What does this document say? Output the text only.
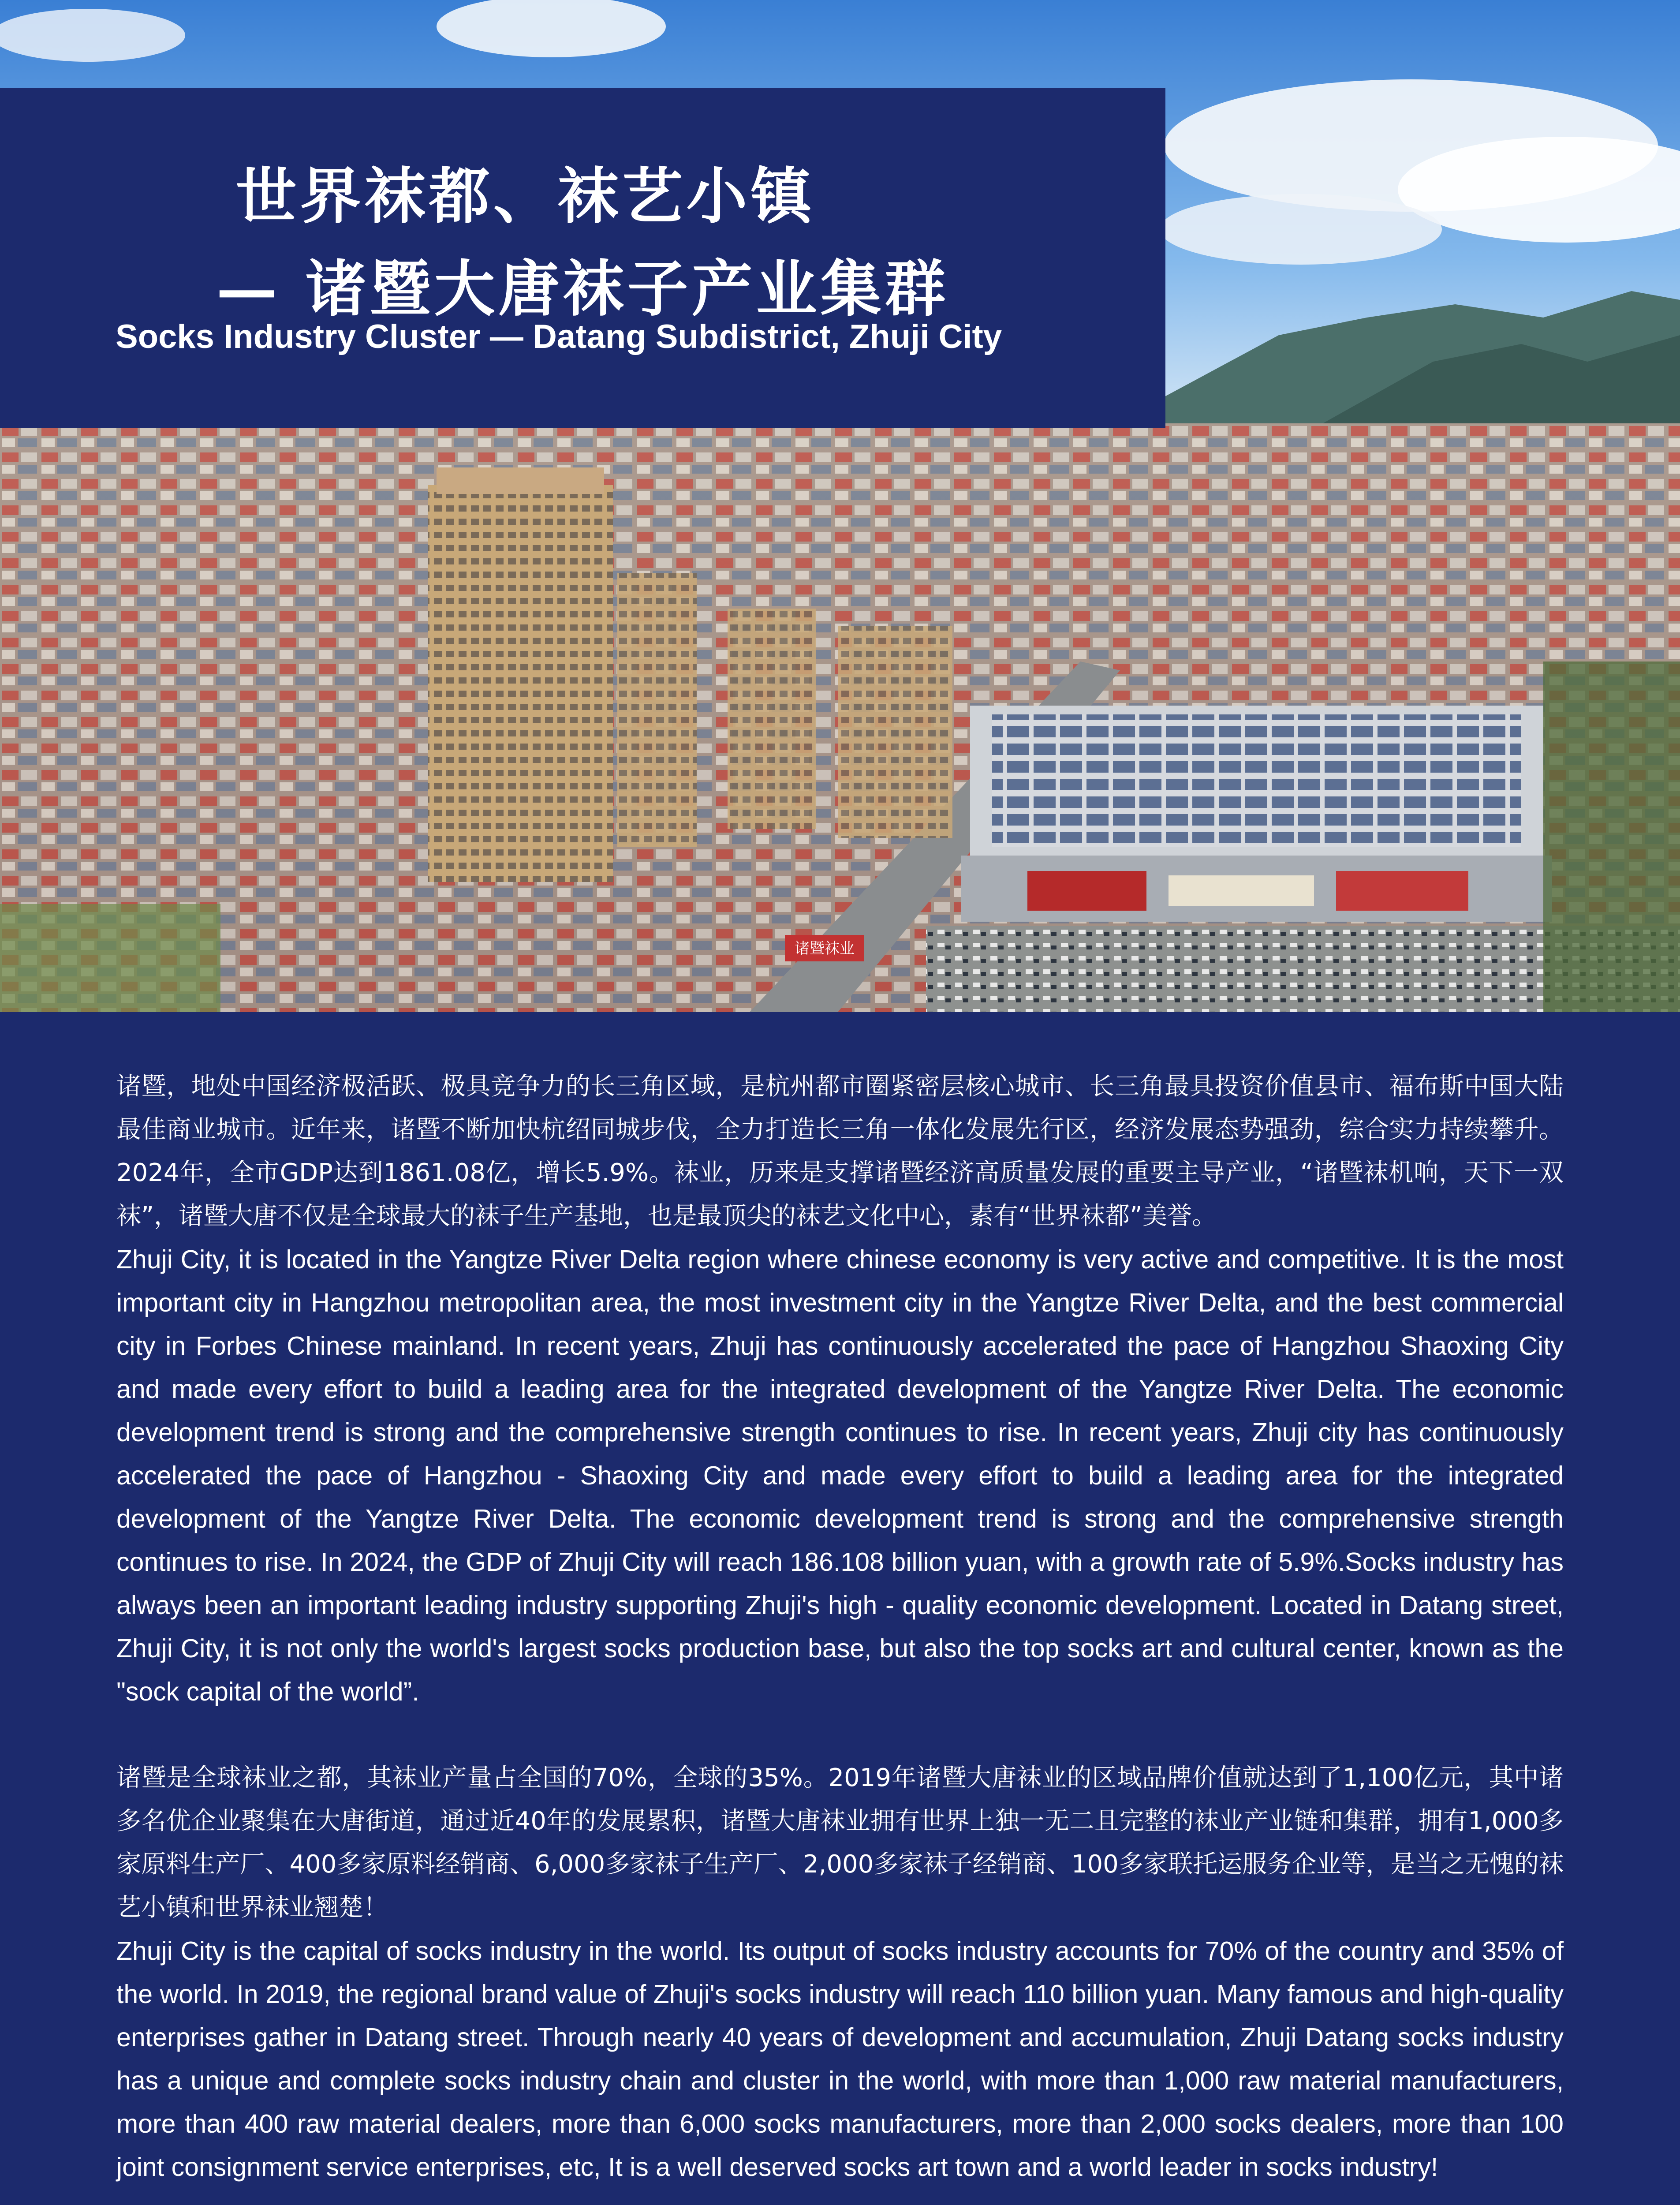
诸暨袜业
世界袜都、袜艺小镇
— 诸暨大唐袜子产业集群

Socks Industry Cluster — Datang Subdistrict, Zhuji City

诸暨，地处中国经济极活跃、极具竞争力的长三角区域，是杭州都市圈紧密层核心城市、长三角最具投资价值县市、福布斯中国大陆最佳商业城市。近年来，诸暨不断加快杭绍同城步伐，全力打造长三角一体化发展先行区，经济发展态势强劲，综合实力持续攀升。2024年，全市GDP达到1861.08亿，增长5.9%。袜业，历来是支撑诸暨经济高质量发展的重要主导产业，“诸暨袜机响，天下一双袜”，诸暨大唐不仅是全球最大的袜子生产基地，也是最顶尖的袜艺文化中心，素有“世界袜都”美誉。

Zhuji City, it is located in the Yangtze River Delta region where chinese economy is very active and competitive. It is the most important city in Hangzhou metropolitan area, the most investment city in the Yangtze River Delta, and the best commercial city in Forbes Chinese mainland. In recent years, Zhuji has continuously accelerated the pace of Hangzhou Shaoxing City and made every effort to build a leading area for the integrated development of the Yangtze River Delta. The economic development trend is strong and the comprehensive strength continues to rise. In recent years, Zhuji city has continuously accelerated the pace of Hangzhou - Shaoxing City and made every effort to build a leading area for the integrated development of the Yangtze River Delta. The economic development trend is strong and the comprehensive strength continues to rise. In 2024, the GDP of Zhuji City will reach 186.108 billion yuan, with a growth rate of 5.9%.Socks industry has always been an important leading industry supporting Zhuji's high - quality economic development. Located in Datang street, Zhuji City, it is not only the world's largest socks production base, but also the top socks art and cultural center, known as the "sock capital of the world”.

诸暨是全球袜业之都，其袜业产量占全国的70%，全球的35%。2019年诸暨大唐袜业的区域品牌价值就达到了1,100亿元，其中诸多名优企业聚集在大唐街道，通过近40年的发展累积，诸暨大唐袜业拥有世界上独一无二且完整的袜业产业链和集群，拥有1,000多家原料生产厂、400多家原料经销商、6,000多家袜子生产厂、2,000多家袜子经销商、100多家联托运服务企业等，是当之无愧的袜艺小镇和世界袜业翘楚！

Zhuji City is the capital of socks industry in the world. Its output of socks industry accounts for 70% of the country and 35% of the world. In 2019, the regional brand value of Zhuji's socks industry will reach 110 billion yuan. Many famous and high-quality enterprises gather in Datang street. Through nearly 40 years of development and accumulation, Zhuji Datang socks industry has a unique and complete socks industry chain and cluster in the world, with more than 1,000 raw material manufacturers, more than 400 raw material dealers, more than 6,000 socks manufacturers, more than 2,000 socks dealers, more than 100 joint consignment service enterprises, etc, It is a well deserved socks art town and a world leader in socks industry!
